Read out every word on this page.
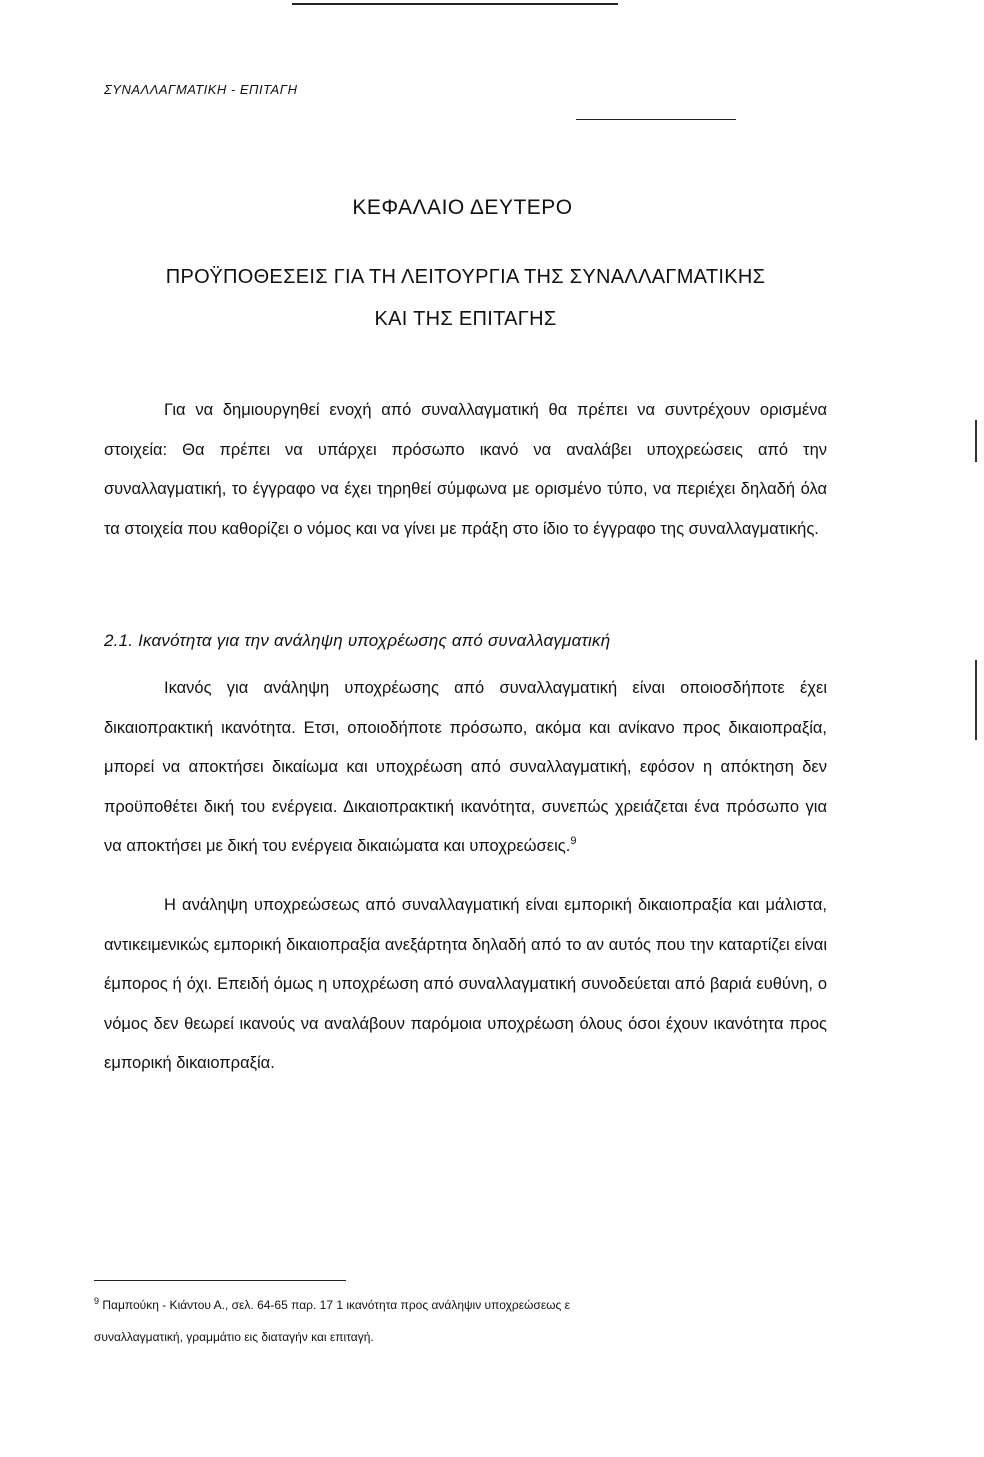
ΣΥΝΑΛΛΑΓΜΑΤΙΚΗ - ΕΠΙΤΑΓΗ
ΚΕΦΑΛΑΙΟ ΔΕΥΤΕΡΟ
ΠΡΟΫΠΟΘΕΣΕΙΣ ΓΙΑ ΤΗ ΛΕΙΤΟΥΡΓΙΑ ΤΗΣ ΣΥΝΑΛΛΑΓΜΑΤΙΚΗΣ
ΚΑΙ ΤΗΣ ΕΠΙΤΑΓΗΣ

Για να δημιουργηθεί ενοχή από συναλλαγματική θα πρέπει να συντρέχουν ορισμένα στοιχεία: Θα πρέπει να υπάρχει πρόσωπο ικανό να αναλάβει υποχρεώσεις από την συναλλαγματική, το έγγραφο να έχει τηρηθεί σύμφωνα με ορισμένο τύπο, να περιέχει δηλαδή όλα τα στοιχεία που καθορίζει ο νόμος και να γίνει με πράξη στο ίδιο το έγγραφο της συναλλαγματικής.

2.1. Ικανότητα για την ανάληψη υποχρέωσης από συναλλαγματική

Ικανός για ανάληψη υποχρέωσης από συναλλαγματική είναι οποιοσδήποτε έχει δικαιοπρακτική ικανότητα. Ετσι, οποιοδήποτε πρόσωπο, ακόμα και ανίκανο προς δικαιοπραξία, μπορεί να αποκτήσει δικαίωμα και υποχρέωση από συναλλαγματική, εφόσον η απόκτηση δεν προϋποθέτει δική του ενέργεια. Δικαιοπρακτική ικανότητα, συνεπώς χρειάζεται ένα πρόσωπο για να αποκτήσει με δική του ενέργεια δικαιώματα και υποχρεώσεις.$^9$

Η ανάληψη υποχρεώσεως από συναλλαγματική είναι εμπορική δικαιοπραξία και μάλιστα, αντικειμενικώς εμπορική δικαιοπραξία ανεξάρτητα δηλαδή από το αν αυτός που την καταρτίζει είναι έμπορος ή όχι. Επειδή όμως η υποχρέωση από συναλλαγματική συνοδεύεται από βαριά ευθύνη, ο νόμος δεν θεωρεί ικανούς να αναλάβουν παρόμοια υποχρέωση όλους όσοι έχουν ικανότητα προς εμπορική δικαιοπραξία.

$^9$ Παμπούκη - Κιάντου Α., σελ. 64-65 παρ. 17 1 ικανότητα προς ανάληψιν υποχρεώσεως ε

συναλλαγματική, γραμμάτιο εις διαταγήν και επιταγή.
